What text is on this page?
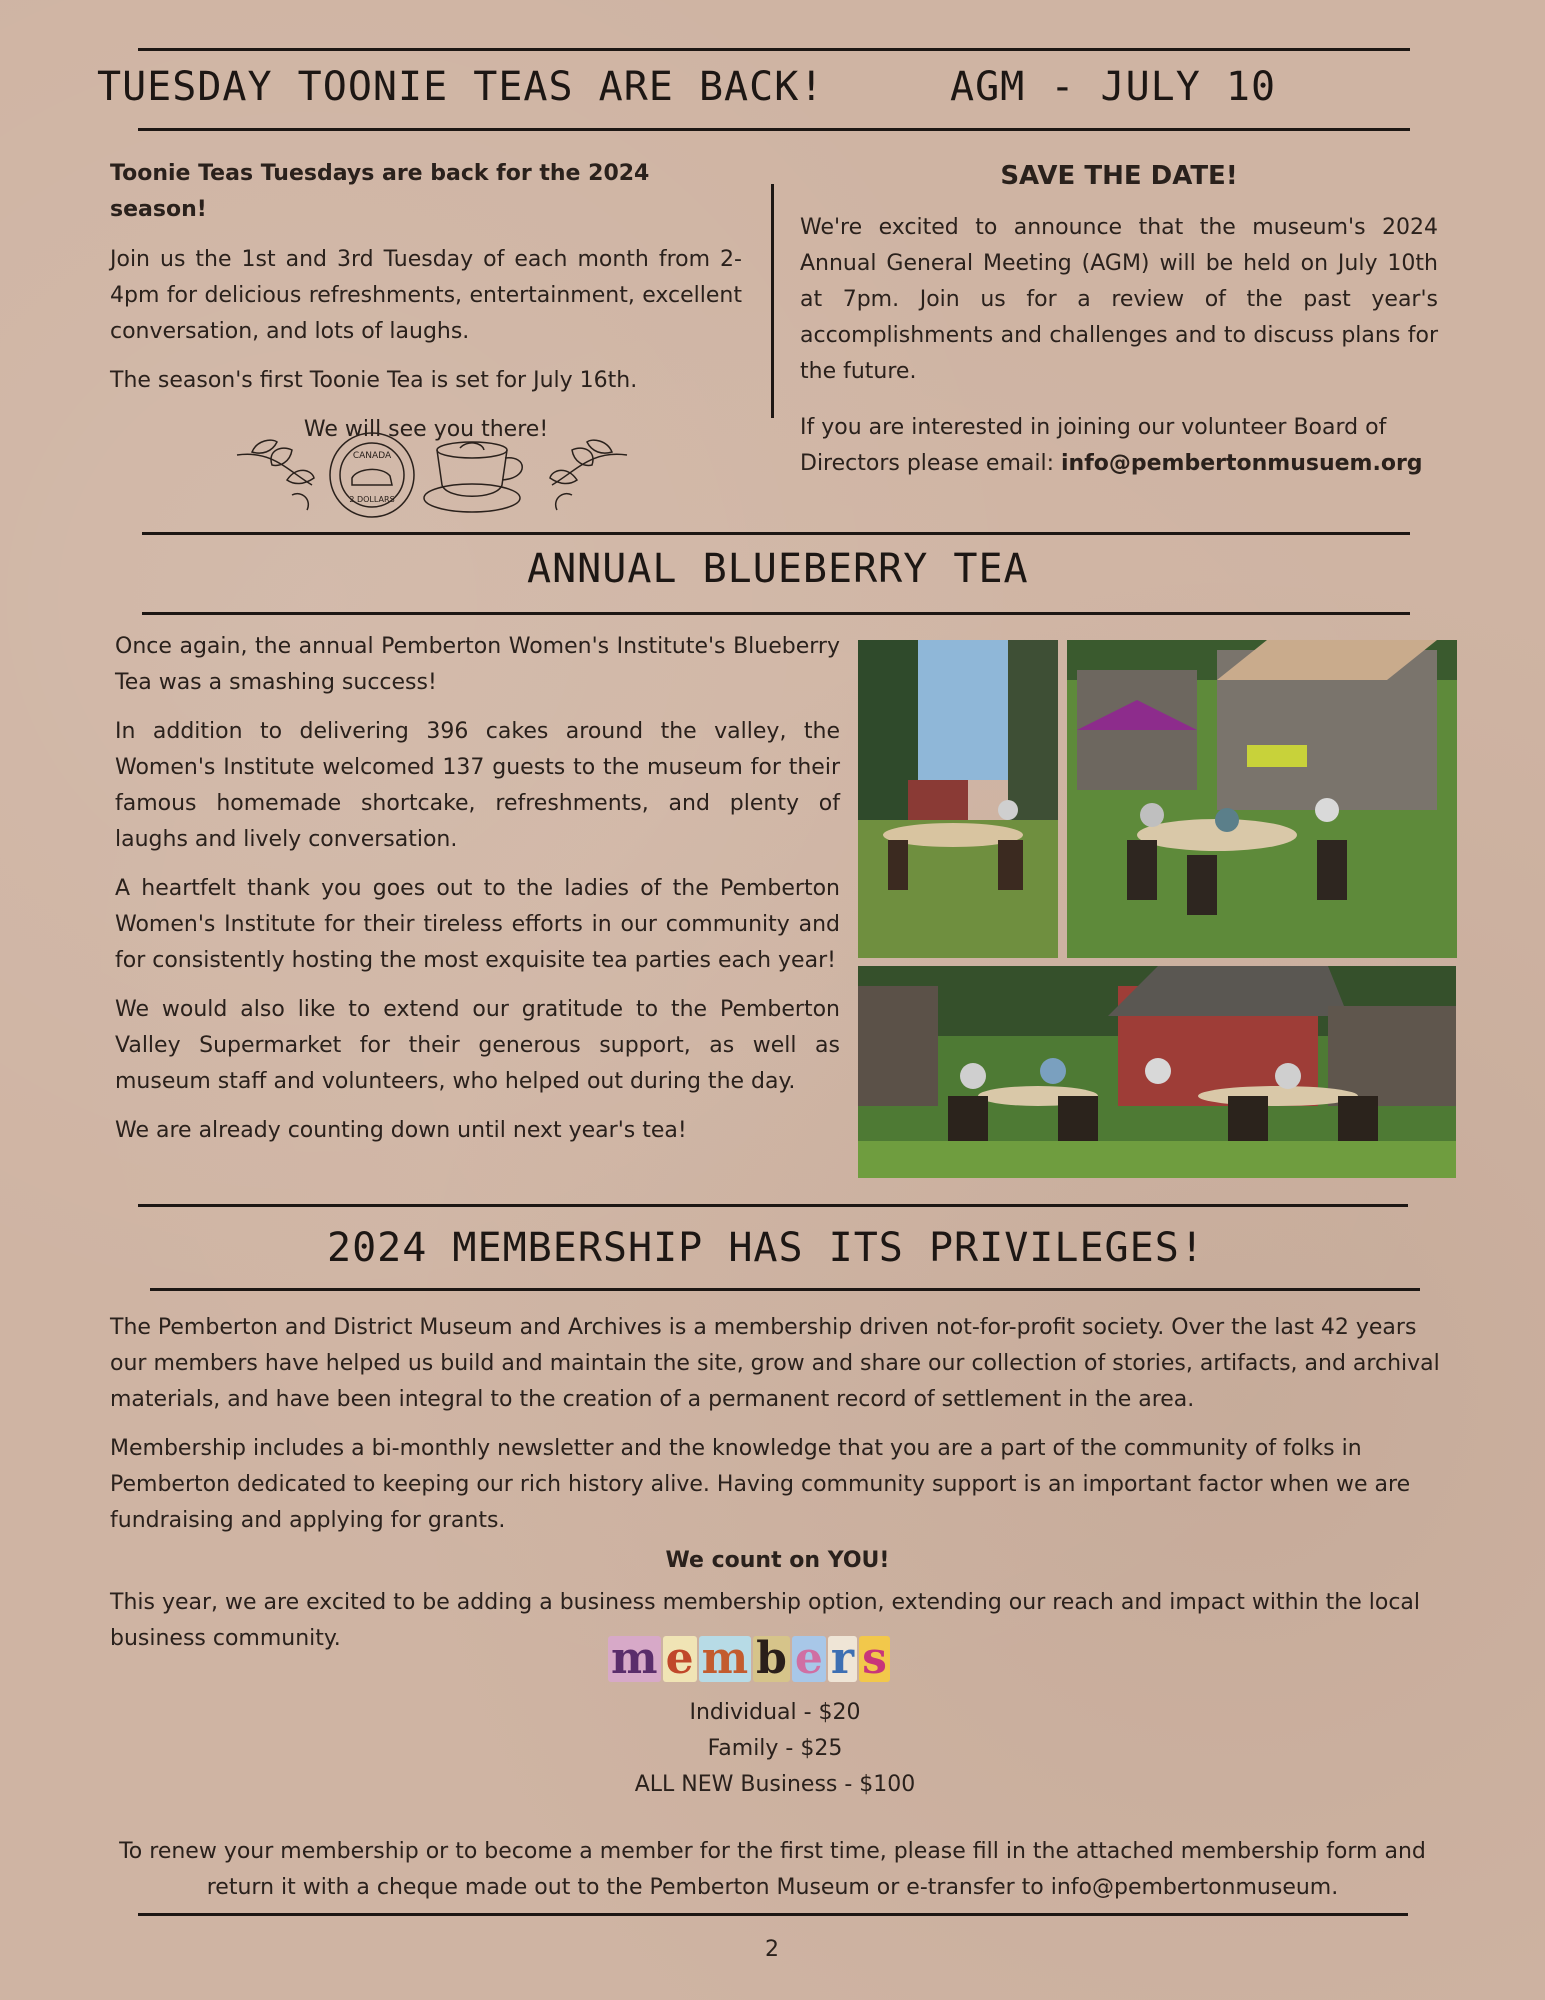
TUESDAY TOONIE TEAS ARE BACK!	AGM - JULY 10
Toonie Teas Tuesdays are back for the 2024 season!
Join us the 1st and 3rd Tuesday of each month from 2-4pm for delicious refreshments, entertainment, excellent conversation, and lots of laughs.
The season's first Toonie Tea is set for July 16th.
We will see you there!
CANADA
2 DOLLARS
SAVE THE DATE!
We're excited to announce that the museum's 2024 Annual General Meeting (AGM) will be held on July 10th at 7pm. Join us for a review of the past year's accomplishments and challenges and to discuss plans for the future.
If you are interested in joining our volunteer Board of Directors please email: info@pembertonmusuem.org
ANNUAL BLUEBERRY TEA
Once again, the annual Pemberton Women's Institute's Blueberry Tea was a smashing success!
In addition to delivering 396 cakes around the valley, the Women's Institute welcomed 137 guests to the museum for their famous homemade shortcake, refreshments, and plenty of laughs and lively conversation.
A heartfelt thank you goes out to the ladies of the Pemberton Women's Institute for their tireless efforts in our community and for consistently hosting the most exquisite tea parties each year!
We would also like to extend our gratitude to the Pemberton Valley Supermarket for their generous support, as well as museum staff and volunteers, who helped out during the day.
We are already counting down until next year's tea!
2024 MEMBERSHIP HAS ITS PRIVILEGES!
The Pemberton and District Museum and Archives is a membership driven not-for-profit society. Over the last 42 years our members have helped us build and maintain the site, grow and share our collection of stories, artifacts, and archival materials, and have been integral to the creation of a permanent record of settlement in the area.
Membership includes a bi-monthly newsletter and the knowledge that you are a part of the community of folks in Pemberton dedicated to keeping our rich history alive. Having community support is an important factor when we are fundraising and applying for grants.
We count on YOU!
This year, we are excited to be adding a business membership option, extending our reach and impact within the local business community.	m e m b e r s
Individual - $20
Family - $25
ALL NEW Business - $100
To renew your membership or to become a member for the first time, please fill in the attached membership form and return it with a cheque made out to the Pemberton Museum or e-transfer to info@pembertonmuseum.
2
